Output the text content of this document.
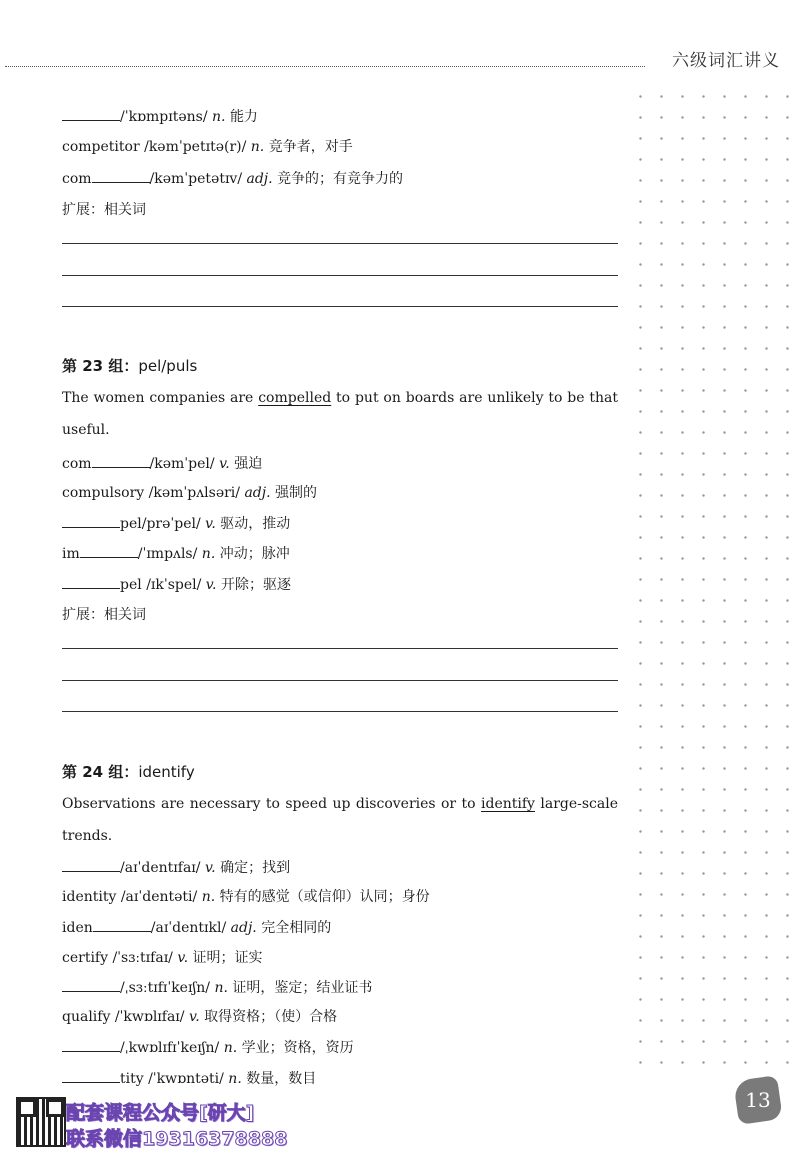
六级词汇讲义
/ˈkɒmpɪtəns/ n. 能力
competitor /kəmˈpetɪtə(r)/ n. 竞争者，对手
com	/kəmˈpetətɪv/ adj. 竞争的；有竞争力的
扩展：相关词
第 23 组：pel/puls
The women companies are compelled to put on boards are unlikely to be that useful.
com	/kəmˈpel/ v. 强迫
compulsory /kəmˈpʌlsəri/ adj. 强制的
pel/prəˈpel/ v. 驱动，推动
im	/ˈɪmpʌls/ n. 冲动；脉冲
pel /ɪkˈspel/ v. 开除；驱逐
扩展：相关词
第 24 组：identify
Observations are necessary to speed up discoveries or to identify large-scale trends.
/aɪˈdentɪfaɪ/ v. 确定；找到
identity /aɪˈdentəti/ n. 特有的感觉（或信仰）认同；身份
iden	/aɪˈdentɪkl/ adj. 完全相同的
certify /ˈsɜːtɪfaɪ/ v. 证明；证实
/ˌsɜːtɪfɪˈkeɪʃn/ n. 证明，鉴定；结业证书
qualify /ˈkwɒlɪfaɪ/ v. 取得资格；（使）合格
/ˌkwɒlɪfɪˈkeɪʃn/ n. 学业；资格，资历
tity /ˈkwɒntəti/ n. 数量，数目
13
配套课程公众号[研大]
联系微信19316378888
